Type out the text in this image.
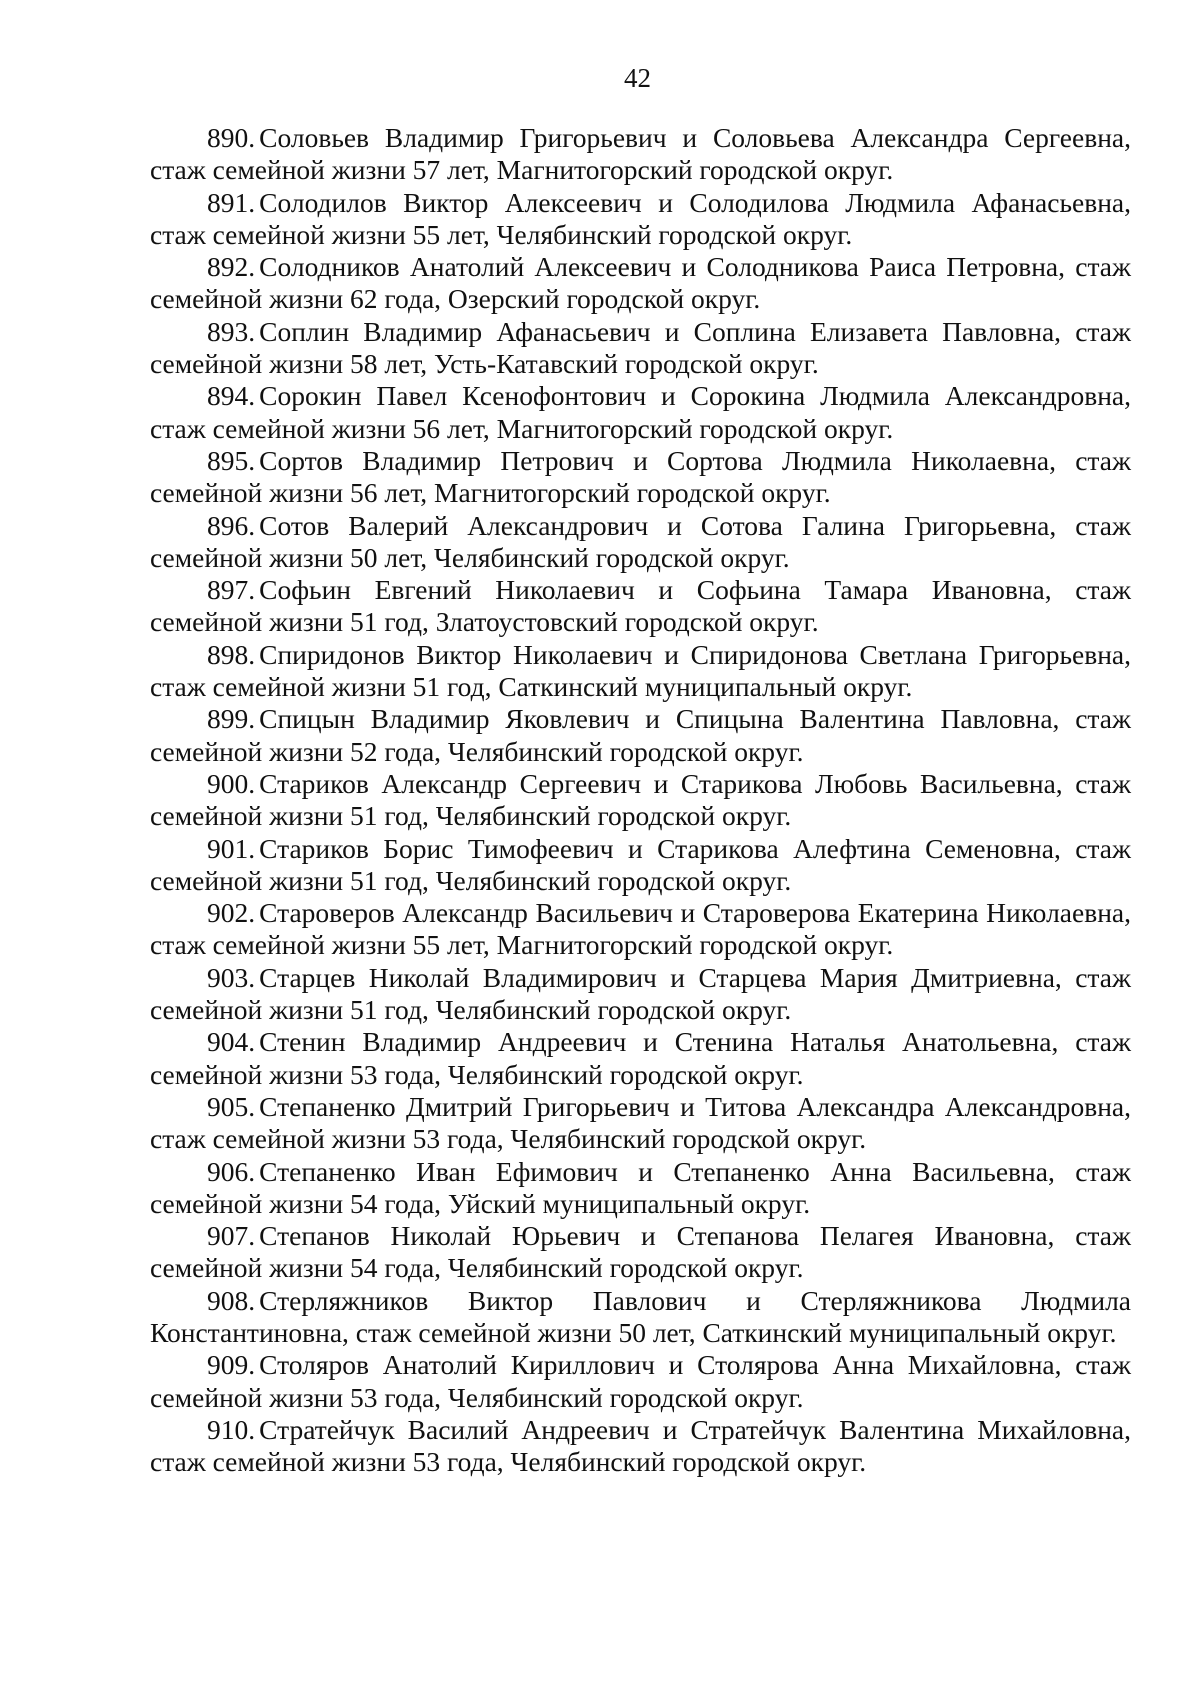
42

890. Соловьев Владимир Григорьевич и Соловьева Александра Сергеевна, стаж семейной жизни 57 лет, Магнитогорский городской округ.

891. Солодилов Виктор Алексеевич и Солодилова Людмила Афанасьевна, стаж семейной жизни 55 лет, Челябинский городской округ.

892. Солодников Анатолий Алексеевич и Солодникова Раиса Петровна, стаж семейной жизни 62 года, Озерский городской округ.

893. Соплин Владимир Афанасьевич и Соплина Елизавета Павловна, стаж семейной жизни 58 лет, Усть-Катавский городской округ.

894. Сорокин Павел Ксенофонтович и Сорокина Людмила Александровна, стаж семейной жизни 56 лет, Магнитогорский городской округ.

895. Сортов Владимир Петрович и Сортова Людмила Николаевна, стаж семейной жизни 56 лет, Магнитогорский городской округ.

896. Сотов Валерий Александрович и Сотова Галина Григорьевна, стаж семейной жизни 50 лет, Челябинский городской округ.

897. Софьин Евгений Николаевич и Софьина Тамара Ивановна, стаж семейной жизни 51 год, Златоустовский городской округ.

898. Спиридонов Виктор Николаевич и Спиридонова Светлана Григорьевна, стаж семейной жизни 51 год, Саткинский муниципальный округ.

899. Спицын Владимир Яковлевич и Спицына Валентина Павловна, стаж семейной жизни 52 года, Челябинский городской округ.

900. Стариков Александр Сергеевич и Старикова Любовь Васильевна, стаж семейной жизни 51 год, Челябинский городской округ.

901. Стариков Борис Тимофеевич и Старикова Алефтина Семеновна, стаж семейной жизни 51 год, Челябинский городской округ.

902. Староверов Александр Васильевич и Староверова Екатерина Николаевна, стаж семейной жизни 55 лет, Магнитогорский городской округ.

903. Старцев Николай Владимирович и Старцева Мария Дмитриевна, стаж семейной жизни 51 год, Челябинский городской округ.

904. Стенин Владимир Андреевич и Стенина Наталья Анатольевна, стаж семейной жизни 53 года, Челябинский городской округ.

905. Степаненко Дмитрий Григорьевич и Титова Александра Александровна, стаж семейной жизни 53 года, Челябинский городской округ.

906. Степаненко Иван Ефимович и Степаненко Анна Васильевна, стаж семейной жизни 54 года, Уйский муниципальный округ.

907. Степанов Николай Юрьевич и Степанова Пелагея Ивановна, стаж семейной жизни 54 года, Челябинский городской округ.

908. Стерляжников Виктор Павлович и Стерляжникова Людмила Константиновна, стаж семейной жизни 50 лет, Саткинский муниципальный округ.

909. Столяров Анатолий Кириллович и Столярова Анна Михайловна, стаж семейной жизни 53 года, Челябинский городской округ.

910. Стратейчук Василий Андреевич и Стратейчук Валентина Михайловна, стаж семейной жизни 53 года, Челябинский городской округ.
